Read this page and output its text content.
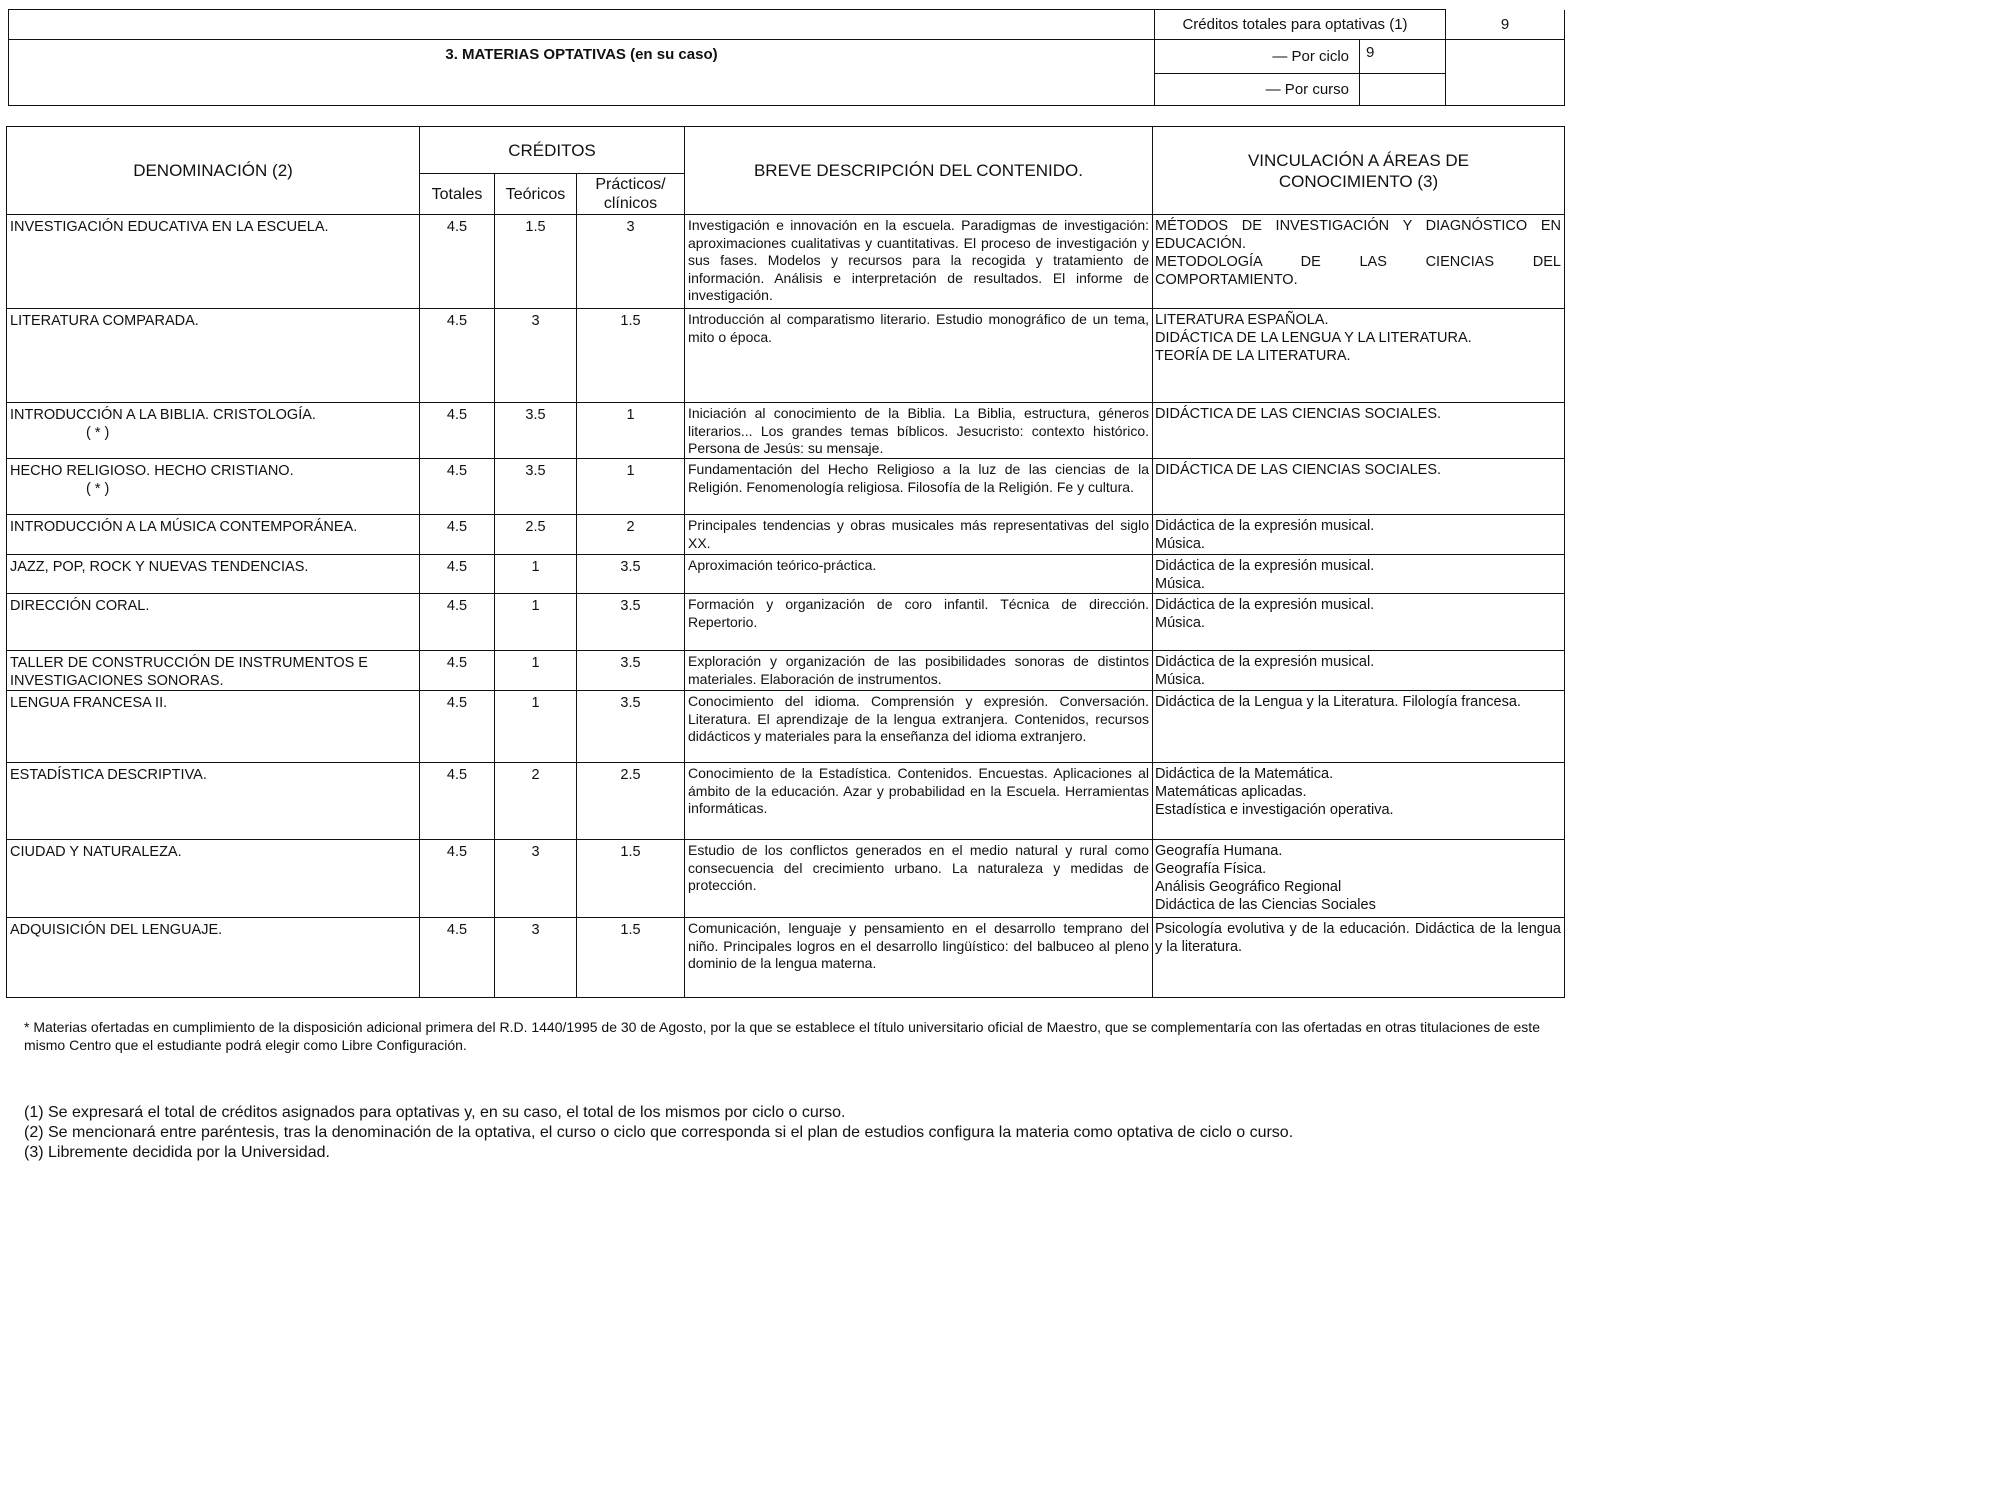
	Créditos totales para optativas (1)		9
3. MATERIAS OPTATIVAS (en su caso)	— Por ciclo	9	
	— Por curso		
DENOMINACIÓN (2)	CRÉDITOS			BREVE DESCRIPCIÓN DEL CONTENIDO.	VINCULACIÓN A ÁREAS DE CONOCIMIENTO (3)
	Totales	Teóricos	Prácticos/ clínicos		
INVESTIGACIÓN EDUCATIVA EN LA ESCUELA.	4.5	1.5	3	Investigación e innovación en la escuela. Paradigmas de investigación: aproximaciones cualitativas y cuantitativas. El proceso de investigación y sus fases. Modelos y recursos para la recogida y tratamiento de información. Análisis e interpretación de resultados. El informe de investigación.	MÉTODOS DE INVESTIGACIÓN Y DIAGNÓSTICO EN EDUCACIÓN.
METODOLOGÍA DE LAS CIENCIAS DEL COMPORTAMIENTO.

LITERATURA COMPARADA.	4.5	3	1.5	Introducción al comparatismo literario. Estudio monográfico de un tema, mito o época.	LITERATURA ESPAÑOLA.
DIDÁCTICA DE LA LENGUA Y LA LITERATURA.
TEORÍA DE LA LITERATURA.

INTRODUCCIÓN A LA BIBLIA. CRISTOLOGÍA.
( * )	4.5	3.5	1	Iniciación al conocimiento de la Biblia. La Biblia, estructura, géneros literarios... Los grandes temas bíblicos. Jesucristo: contexto histórico. Persona de Jesús: su mensaje.	DIDÁCTICA DE LAS CIENCIAS SOCIALES.

HECHO RELIGIOSO. HECHO CRISTIANO.
( * )	4.5	3.5	1	Fundamentación del Hecho Religioso a la luz de las ciencias de la Religión. Fenomenología religiosa. Filosofía de la Religión. Fe y cultura.	DIDÁCTICA DE LAS CIENCIAS SOCIALES.

INTRODUCCIÓN A LA MÚSICA CONTEMPORÁNEA.	4.5	2.5	2	Principales tendencias y obras musicales más representativas del siglo XX.	Didáctica de la expresión musical.
Música.

JAZZ, POP, ROCK Y NUEVAS TENDENCIAS.	4.5	1	3.5	Aproximación teórico-práctica.	Didáctica de la expresión musical.
Música.

DIRECCIÓN CORAL.	4.5	1	3.5	Formación y organización de coro infantil. Técnica de dirección. Repertorio.	Didáctica de la expresión musical.
Música.

TALLER DE CONSTRUCCIÓN DE INSTRUMENTOS E INVESTIGACIONES SONORAS.	4.5	1	3.5	Exploración y organización de las posibilidades sonoras de distintos materiales. Elaboración de instrumentos.	Didáctica de la expresión musical.
Música.

LENGUA FRANCESA II.	4.5	1	3.5	Conocimiento del idioma. Comprensión y expresión. Conversación. Literatura. El aprendizaje de la lengua extranjera. Contenidos, recursos didácticos y materiales para la enseñanza del idioma extranjero.	Didáctica de la Lengua y la Literatura. Filología francesa.

ESTADÍSTICA DESCRIPTIVA.	4.5	2	2.5	Conocimiento de la Estadística. Contenidos. Encuestas. Aplicaciones al ámbito de la educación. Azar y probabilidad en la Escuela. Herramientas informáticas.	Didáctica de la Matemática.
Matemáticas aplicadas.
Estadística e investigación operativa.

CIUDAD Y NATURALEZA.	4.5	3	1.5	Estudio de los conflictos generados en el medio natural y rural como consecuencia del crecimiento urbano. La naturaleza y medidas de protección.	Geografía Humana.
Geografía Física.
Análisis Geográfico Regional
Didáctica de las Ciencias Sociales

ADQUISICIÓN DEL LENGUAJE.	4.5	3	1.5	Comunicación, lenguaje y pensamiento en el desarrollo temprano del niño. Principales logros en el desarrollo lingüístico: del balbuceo al pleno dominio de la lengua materna.	Psicología evolutiva y de la educación. Didáctica de la lengua y la literatura.
* Materias ofertadas en cumplimiento de la disposición adicional primera del R.D. 1440/1995 de 30 de Agosto, por la que se establece el título universitario oficial de Maestro, que se complementaría con las ofertadas en otras titulaciones de este mismo Centro que el estudiante podrá elegir como Libre Configuración.
(1) Se expresará el total de créditos asignados para optativas y, en su caso, el total de los mismos por ciclo o curso.
(2) Se mencionará entre paréntesis, tras la denominación de la optativa, el curso o ciclo que corresponda si el plan de estudios configura la materia como optativa de ciclo o curso.
(3) Libremente decidida por la Universidad.
